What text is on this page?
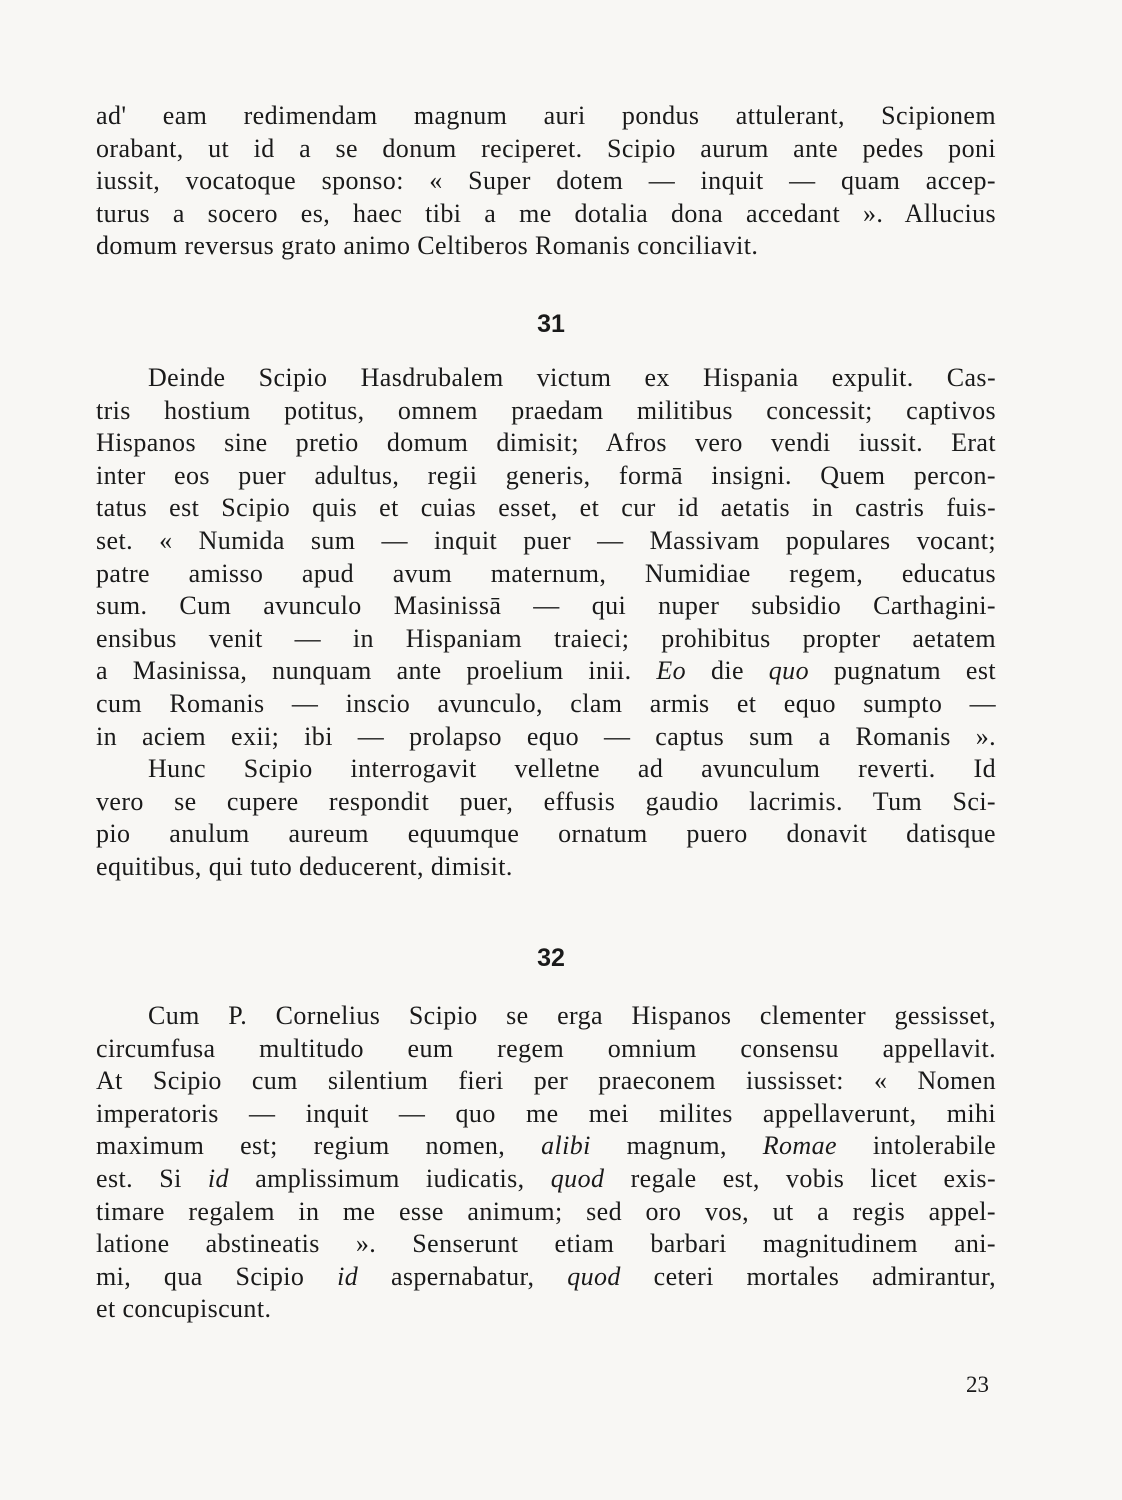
ad' eam redimendam magnum auri pondus attulerant, Scipionem
orabant, ut id a se donum reciperet. Scipio aurum ante pedes poni
iussit, vocatoque sponso: « Super dotem — inquit — quam accep-
turus a socero es, haec tibi a me dotalia dona accedant ». Allucius
domum reversus grato animo Celtiberos Romanis conciliavit.
31
Deinde Scipio Hasdrubalem victum ex Hispania expulit. Cas-
tris hostium potitus, omnem praedam militibus concessit; captivos
Hispanos sine pretio domum dimisit; Afros vero vendi iussit. Erat
inter eos puer adultus, regii generis, formā insigni. Quem percon-
tatus est Scipio quis et cuias esset, et cur id aetatis in castris fuis-
set. « Numida sum — inquit puer — Massivam populares vocant;
patre amisso apud avum maternum, Numidiae regem, educatus
sum. Cum avunculo Masinissā — qui nuper subsidio Carthagini-
ensibus venit — in Hispaniam traieci; prohibitus propter aetatem
a Masinissa, nunquam ante proelium inii. Eo die quo pugnatum est
cum Romanis — inscio avunculo, clam armis et equo sumpto —
in aciem exii; ibi — prolapso equo — captus sum a Romanis ».
Hunc Scipio interrogavit velletne ad avunculum reverti. Id
vero se cupere respondit puer, effusis gaudio lacrimis. Tum Sci-
pio anulum aureum equumque ornatum puero donavit datisque
equitibus, qui tuto deducerent, dimisit.
32
Cum P. Cornelius Scipio se erga Hispanos clementer gessisset,
circumfusa multitudo eum regem omnium consensu appellavit.
At Scipio cum silentium fieri per praeconem iussisset: « Nomen
imperatoris — inquit — quo me mei milites appellaverunt, mihi
maximum est; regium nomen, alibi magnum, Romae intolerabile
est. Si id amplissimum iudicatis, quod regale est, vobis licet exis-
timare regalem in me esse animum; sed oro vos, ut a regis appel-
latione abstineatis ». Senserunt etiam barbari magnitudinem ani-
mi, qua Scipio id aspernabatur, quod ceteri mortales admirantur,
et concupiscunt.
23
